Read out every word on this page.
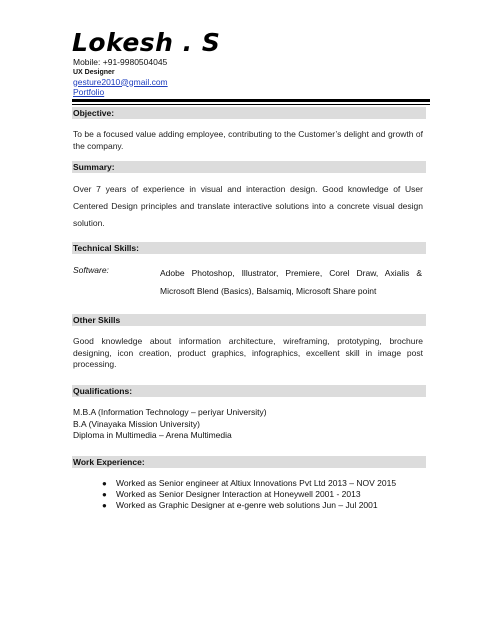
Lokesh . S
Mobile: +91-9980504045
UX Designer
gesture2010@gmail.com
Portfolio
Objective:
To be a focused value adding employee, contributing to the Customer’s delight and growth of the company.
Summary:
Over 7 years of experience in visual and interaction design. Good knowledge of User Centered Design principles and translate interactive solutions into a concrete visual design solution.
Technical Skills:
Software:	Adobe Photoshop, Illustrator, Premiere, Corel Draw, Axialis & Microsoft Blend (Basics), Balsamiq, Microsoft Share point
Other Skills
Good knowledge about information architecture, wireframing, prototyping, brochure designing, icon creation, product graphics, infographics, excellent skill in image post processing.
Qualifications:
M.B.A (Information Technology – periyar University)
B.A (Vinayaka Mission University)
Diploma in Multimedia – Arena Multimedia
Work Experience:
● Worked as Senior engineer at Altiux Innovations Pvt Ltd 2013 – NOV 2015
● Worked as Senior Designer Interaction at Honeywell 2001 - 2013
● Worked as Graphic Designer at e-genre web solutions Jun – Jul 2001
